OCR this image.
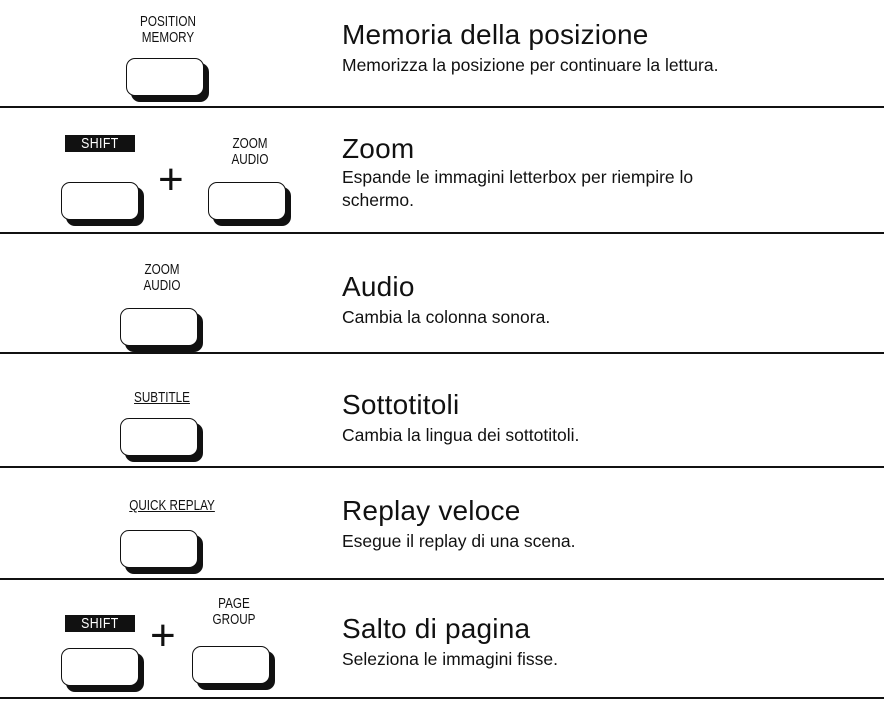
POSITION
MEMORY	Memoria della posizione
Memorizza la posizione per continuare la lettura.
SHIFT
+
ZOOM
AUDIO	Zoom
Espande le immagini letterbox per riempire lo
schermo.
ZOOM
AUDIO	Audio
Cambia la colonna sonora.
SUBTITLE	Sottotitoli
Cambia la lingua dei sottotitoli.
QUICK REPLAY	Replay veloce
Esegue il replay di una scena.
SHIFT +
PAGE
GROUP	Salto di pagina
Seleziona le immagini fisse.
